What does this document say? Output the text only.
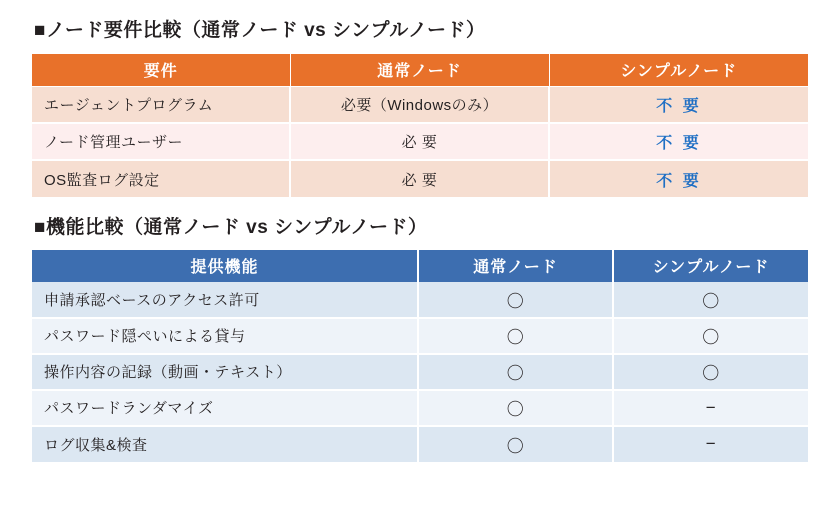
■ノード要件比較（通常ノード vs シンプルノード）
要件	通常ノード	シンプルノード
エージェントプログラム	必要（Windowsのみ）	不 要
ノード管理ユーザー	必 要	不 要
OS監査ログ設定	必 要	不 要
■機能比較（通常ノード vs シンプルノード）
提供機能	通常ノード	シンプルノード
申請承認ベースのアクセス許可	〇	〇
パスワード隠ぺいによる貸与	〇	〇
操作内容の記録（動画・テキスト）	〇	〇
パスワードランダマイズ	〇	−
ログ収集&検査	〇	−
